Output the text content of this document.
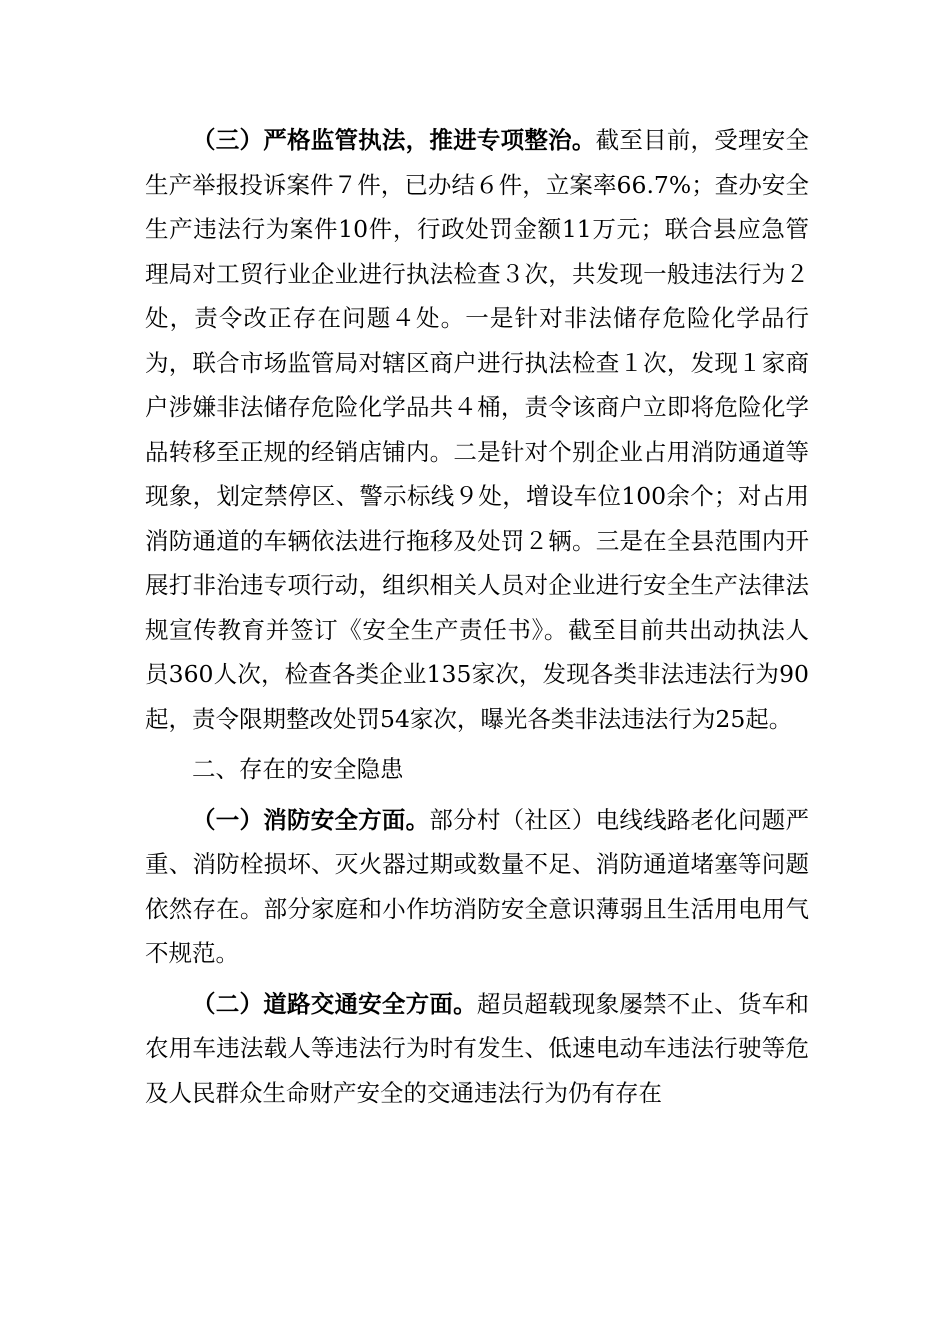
（三）严格监管执法，推进专项整治。截至目前，受理安全生产举报投诉案件７件，已办结６件，立案率66.7%；查办安全生产违法行为案件10件，行政处罚金额11万元；联合县应急管理局对工贸行业企业进行执法检查３次，共发现一般违法行为２处，责令改正存在问题４处。一是针对非法储存危险化学品行为，联合市场监管局对辖区商户进行执法检查１次，发现１家商户涉嫌非法储存危险化学品共４桶，责令该商户立即将危险化学品转移至正规的经销店铺内。二是针对个别企业占用消防通道等现象，划定禁停区、警示标线９处，增设车位100余个；对占用消防通道的车辆依法进行拖移及处罚２辆。三是在全县范围内开展打非治违专项行动，组织相关人员对企业进行安全生产法律法规宣传教育并签订《安全生产责任书》。截至目前共出动执法人员360人次，检查各类企业135家次，发现各类非法违法行为90起，责令限期整改处罚54家次，曝光各类非法违法行为25起。

二、存在的安全隐患

（一）消防安全方面。部分村（社区）电线线路老化问题严重、消防栓损坏、灭火器过期或数量不足、消防通道堵塞等问题依然存在。部分家庭和小作坊消防安全意识薄弱且生活用电用气不规范。

（二）道路交通安全方面。超员超载现象屡禁不止、货车和农用车违法载人等违法行为时有发生、低速电动车违法行驶等危及人民群众生命财产安全的交通违法行为仍有存在
